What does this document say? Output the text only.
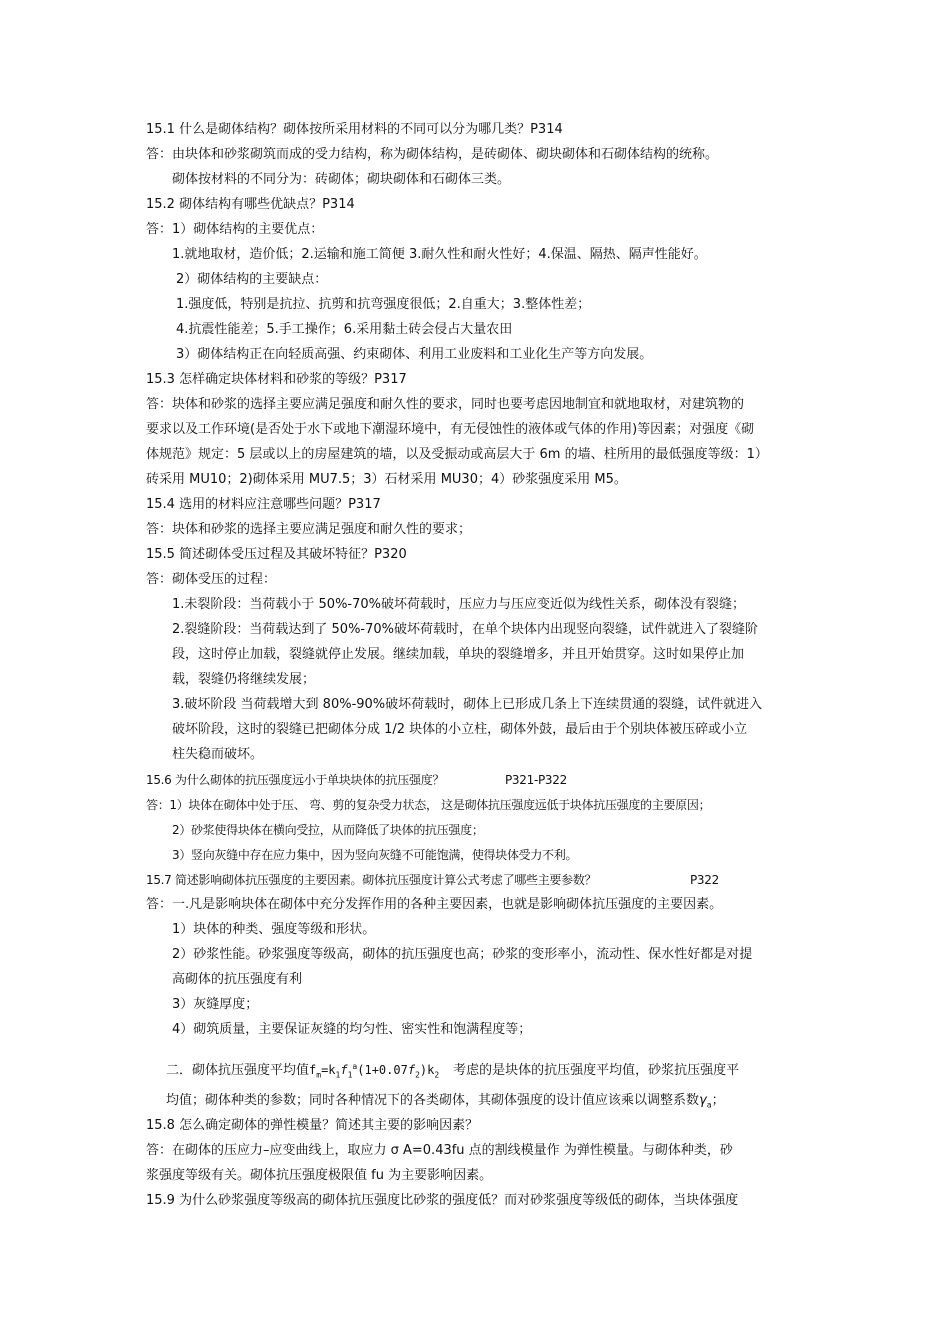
15.1 什么是砌体结构？砌体按所采用材料的不同可以分为哪几类？P314
答：由块体和砂浆砌筑而成的受力结构，称为砌体结构，是砖砌体、砌块砌体和石砌体结构的统称。
砌体按材料的不同分为：砖砌体；砌块砌体和石砌体三类。
15.2 砌体结构有哪些优缺点？P314
答：1）砌体结构的主要优点：
1.就地取材，造价低；2.运输和施工简便 3.耐久性和耐火性好；4.保温、隔热、隔声性能好。
2）砌体结构的主要缺点：
1.强度低，特别是抗拉、抗剪和抗弯强度很低；2.自重大；3.整体性差；
4.抗震性能差；5.手工操作；6.采用黏土砖会侵占大量农田
3）砌体结构正在向轻质高强、约束砌体、利用工业废料和工业化生产等方向发展。
15.3 怎样确定块体材料和砂浆的等级？P317
答：块体和砂浆的选择主要应满足强度和耐久性的要求，同时也要考虑因地制宜和就地取材，对建筑物的
要求以及工作环境(是否处于水下或地下潮湿环境中，有无侵蚀性的液体或气体的作用)等因素；对强度《砌
体规范》规定：5 层或以上的房屋建筑的墙，以及受振动或高层大于 6m 的墙、柱所用的最低强度等级：1）
砖采用 MU10；2)砌体采用 MU7.5；3）石材采用 MU30；4）砂浆强度采用 M5。
15.4 选用的材料应注意哪些问题？P317
答：块体和砂浆的选择主要应满足强度和耐久性的要求；
15.5 简述砌体受压过程及其破坏特征？P320
答：砌体受压的过程：
1.未裂阶段：当荷载小于 50%-70%破坏荷载时，压应力与压应变近似为线性关系，砌体没有裂缝；
2.裂缝阶段：当荷载达到了 50%-70%破坏荷载时，在单个块体内出现竖向裂缝，试件就进入了裂缝阶
段，这时停止加载，裂缝就停止发展。继续加载，单块的裂缝增多，并且开始贯穿。这时如果停止加
载，裂缝仍将继续发展；
3.破坏阶段 当荷载增大到 80%-90%破坏荷载时，砌体上已形成几条上下连续贯通的裂缝，试件就进入
破坏阶段，这时的裂缝已把砌体分成 1/2 块体的小立柱，砌体外鼓，最后由于个别块体被压碎或小立
柱失稳而破坏。
15.6 为什么砌体的抗压强度远小于单块块体的抗压强度？	P321-P322
答：1）块体在砌体中处于压、 弯、剪的复杂受力状态， 这是砌体抗压强度远低于块体抗压强度的主要原因；
2）砂浆使得块体在横向受拉，从而降低了块体的抗压强度；
3）竖向灰缝中存在应力集中，因为竖向灰缝不可能饱满，使得块体受力不利。
15.7 简述影响砌体抗压强度的主要因素。砌体抗压强度计算公式考虑了哪些主要参数？	P322
答：一.凡是影响块体在砌体中充分发挥作用的各种主要因素，也就是影响砌体抗压强度的主要因素。
1）块体的种类、强度等级和形状。
2）砂浆性能。砂浆强度等级高，砌体的抗压强度也高；砂浆的变形率小，流动性、保水性好都是对提
高砌体的抗压强度有利
3）灰缝厚度；
4）砌筑质量，主要保证灰缝的均匀性、密实性和饱满程度等；
二．砌体抗压强度平均值$f_m=k_1f_1^a(1+0.07f_2)k_2$ 考虑的是块体的抗压强度平均值，砂浆抗压强度平
均值；砌体种类的参数；同时各种情况下的各类砌体，其砌体强度的设计值应该乘以调整系数$\gamma_a$；
15.8 怎么确定砌体的弹性模量？简述其主要的影响因素？
答：在砌体的压应力–应变曲线上，取应力 σ A=0.43fu 点的割线模量作 为弹性模量。与砌体种类，砂
浆强度等级有关。砌体抗压强度极限值 fu 为主要影响因素。
15.9 为什么砂浆强度等级高的砌体抗压强度比砂浆的强度低？而对砂浆强度等级低的砌体，当块体强度
